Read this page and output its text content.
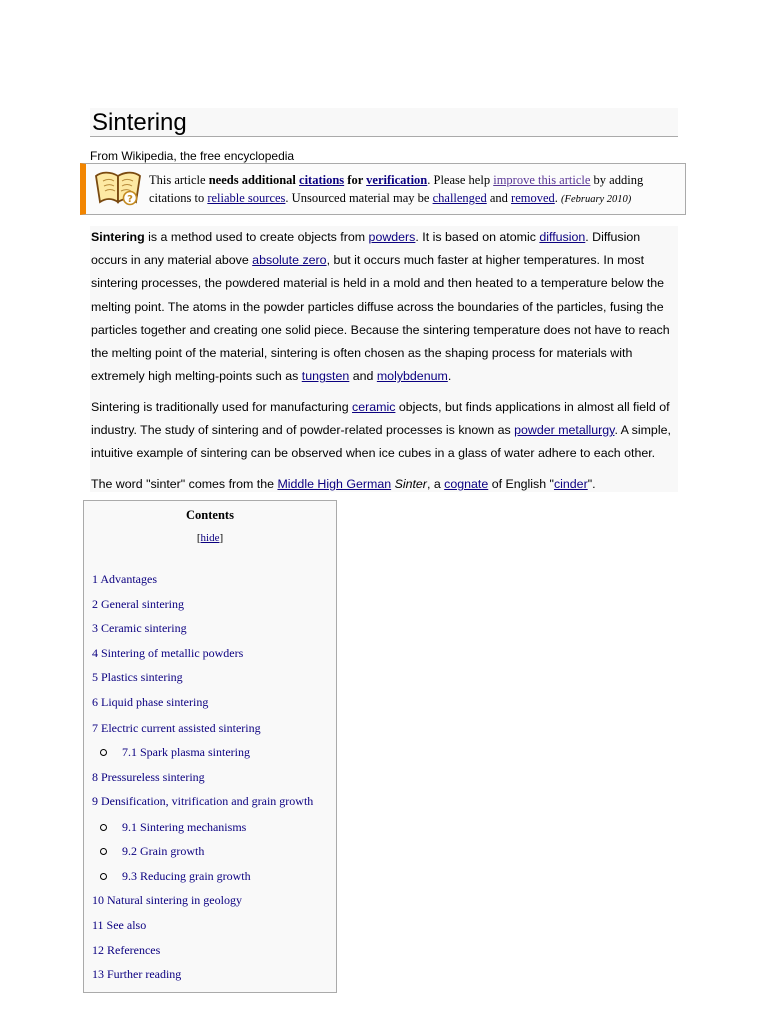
Sintering
From Wikipedia, the free encyclopedia
?
This article needs additional citations for verification. Please help improve this article by adding citations to reliable sources. Unsourced material may be challenged and removed. (February 2010)
Sintering is a method used to create objects from powders. It is based on atomic diffusion. Diffusion occurs in any material above absolute zero, but it occurs much faster at higher temperatures. In most sintering processes, the powdered material is held in a mold and then heated to a temperature below the melting point. The atoms in the powder particles diffuse across the boundaries of the particles, fusing the particles together and creating one solid piece. Because the sintering temperature does not have to reach the melting point of the material, sintering is often chosen as the shaping process for materials with extremely high melting-points such as tungsten and molybdenum.
Sintering is traditionally used for manufacturing ceramic objects, but finds applications in almost all field of industry. The study of sintering and of powder-related processes is known as powder metallurgy. A simple, intuitive example of sintering can be observed when ice cubes in a glass of water adhere to each other.
The word "sinter" comes from the Middle High German Sinter, a cognate of English "cinder".
Contents
[hide]
1 Advantages
2 General sintering
3 Ceramic sintering
4 Sintering of metallic powders
5 Plastics sintering
6 Liquid phase sintering
7 Electric current assisted sintering
7.1 Spark plasma sintering
8 Pressureless sintering
9 Densification, vitrification and grain growth
9.1 Sintering mechanisms
9.2 Grain growth
9.3 Reducing grain growth
10 Natural sintering in geology
11 See also
12 References
13 Further reading
